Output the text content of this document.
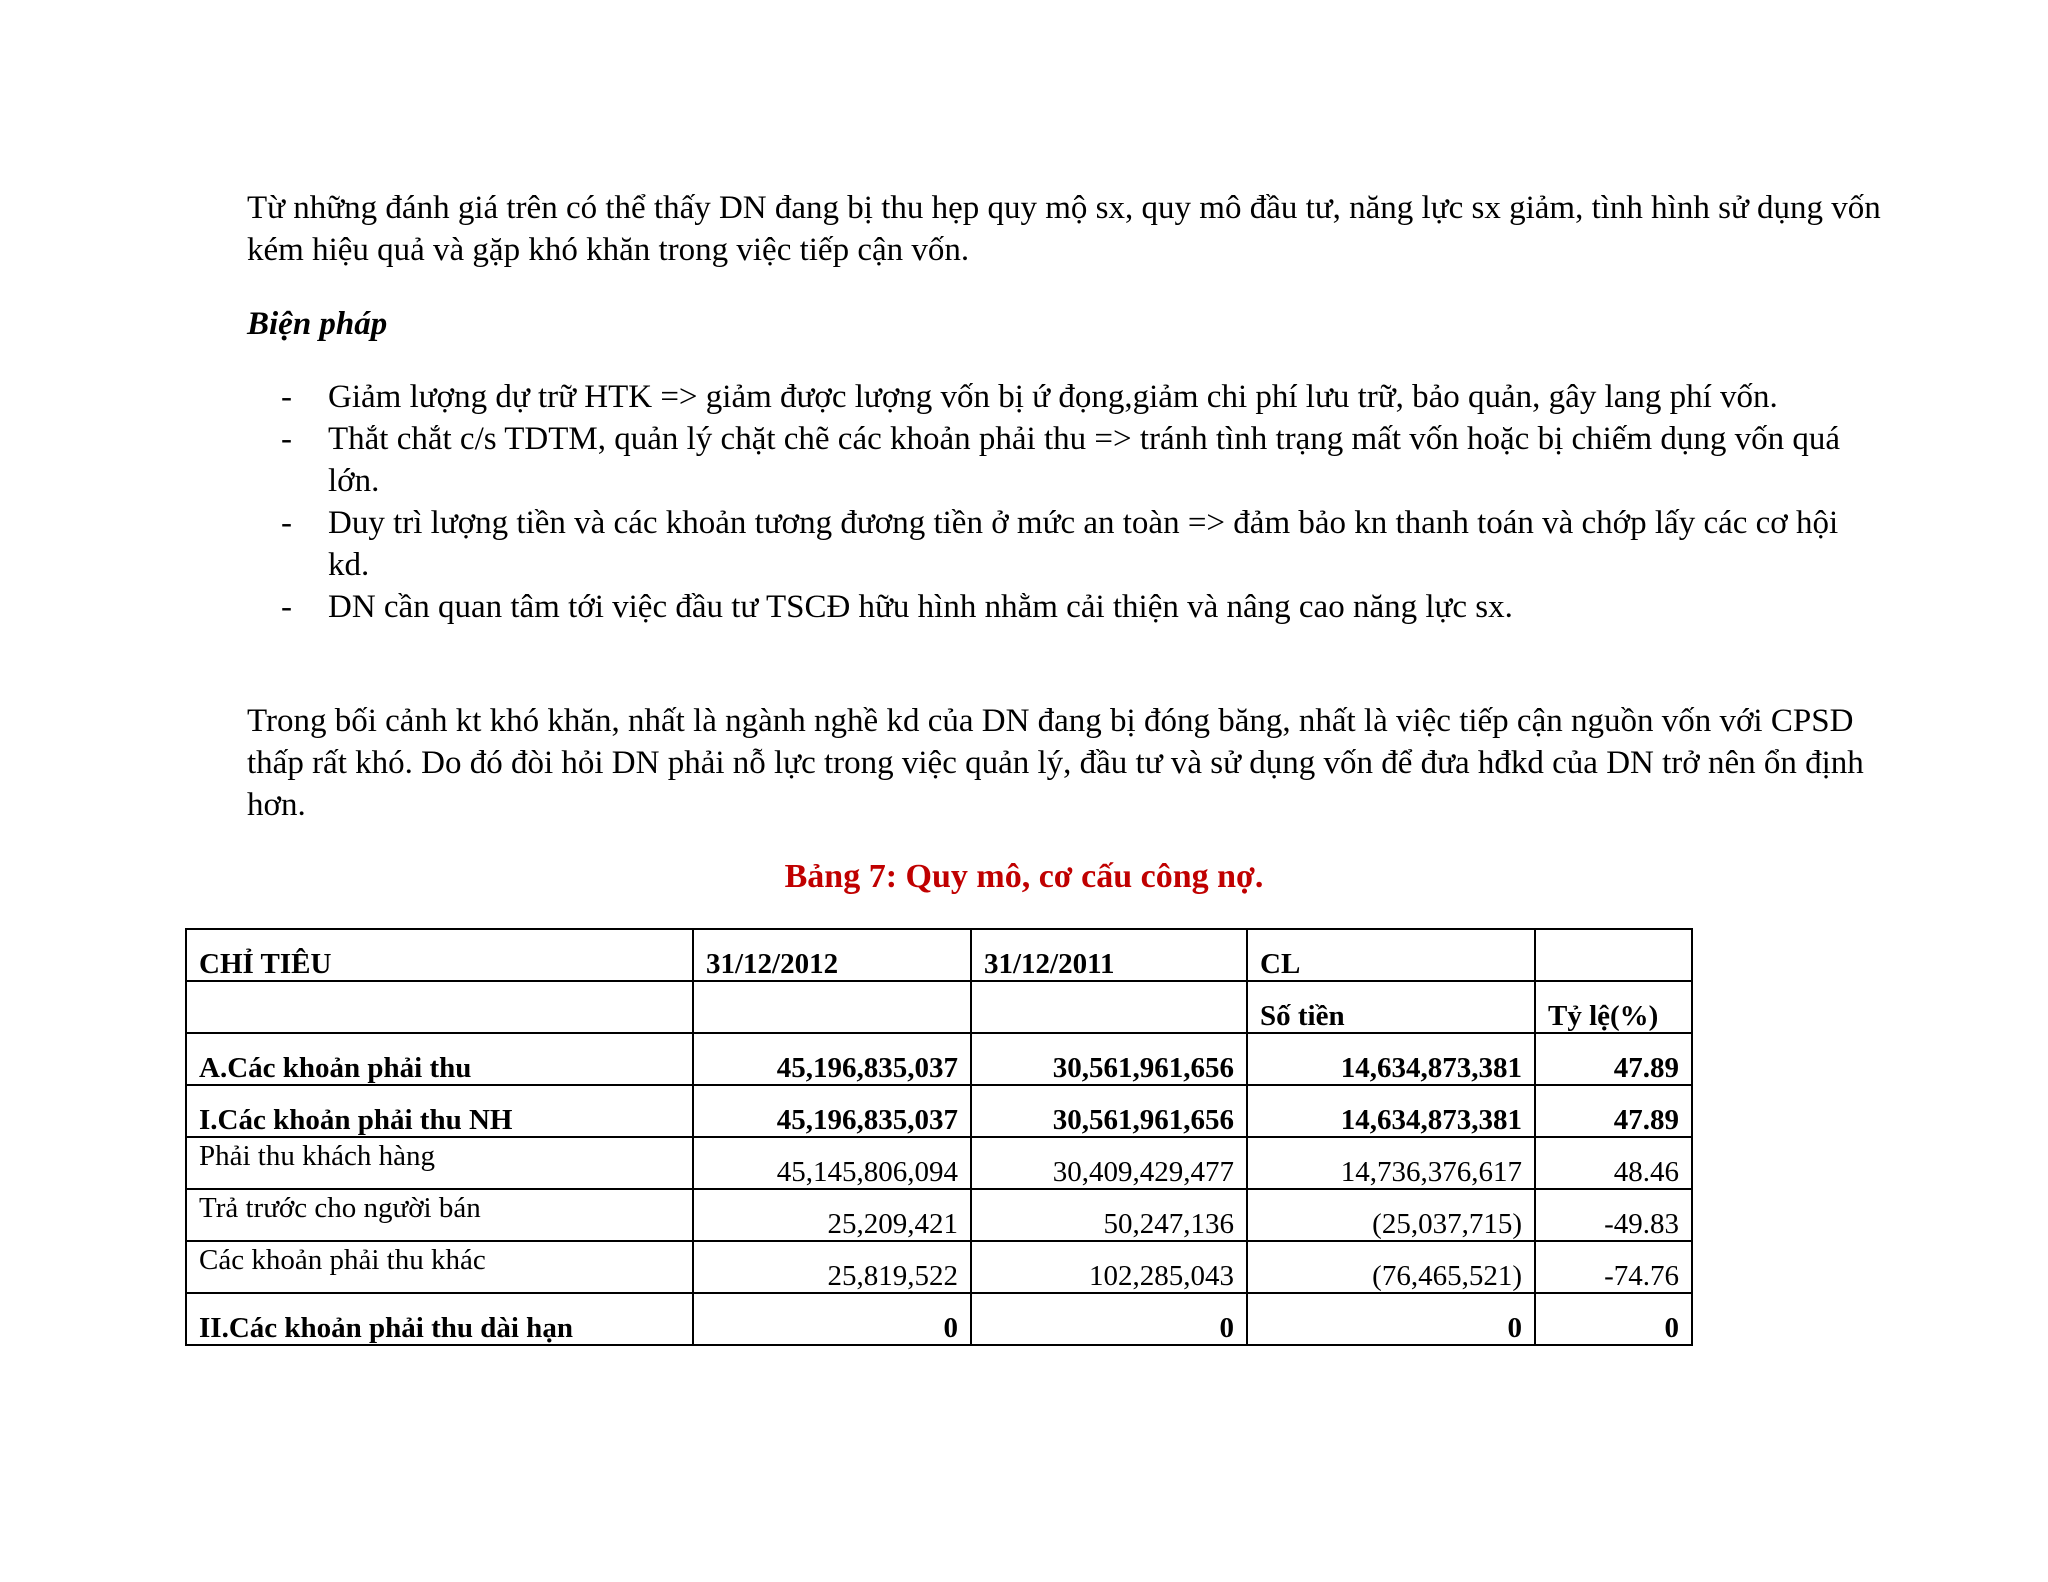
Từ những đánh giá trên có thể thấy DN đang bị thu hẹp quy mộ sx, quy mô đầu tư, năng lực sx giảm, tình hình sử dụng vốn kém hiệu quả và gặp khó khăn trong việc tiếp cận vốn.

Biện pháp

- Giảm lượng dự trữ HTK => giảm được lượng vốn bị ứ đọng,giảm chi phí lưu trữ, bảo quản, gây lang phí vốn.
- Thắt chắt c/s TDTM, quản lý chặt chẽ các khoản phải thu => tránh tình trạng mất vốn hoặc bị chiếm dụng vốn quá lớn.
- Duy trì lượng tiền và các khoản tương đương tiền ở mức an toàn => đảm bảo kn thanh toán và chớp lấy các cơ hội kd.
- DN cần quan tâm tới việc đầu tư TSCĐ hữu hình nhằm cải thiện và nâng cao năng lực sx.

Trong bối cảnh kt khó khăn, nhất là ngành nghề kd của DN đang bị đóng băng, nhất là việc tiếp cận nguồn vốn với CPSD thấp rất khó. Do đó đòi hỏi DN phải nỗ lực trong việc quản lý, đầu tư và sử dụng vốn để đưa hđkd của DN trở nên ổn định hơn.

Bảng 7: Quy mô, cơ cấu công nợ.

CHỈ TIÊU	31/12/2012	31/12/2011	CL	
			Số tiền	Tỷ lệ(%)
A.Các khoản phải thu	45,196,835,037	30,561,961,656	14,634,873,381	47.89
I.Các khoản phải thu NH	45,196,835,037	30,561,961,656	14,634,873,381	47.89
Phải thu khách hàng	45,145,806,094	30,409,429,477	14,736,376,617	48.46
Trả trước cho người bán	25,209,421	50,247,136	(25,037,715)	-49.83
Các khoản phải thu khác	25,819,522	102,285,043	(76,465,521)	-74.76
II.Các khoản phải thu dài hạn	0	0	0	0
